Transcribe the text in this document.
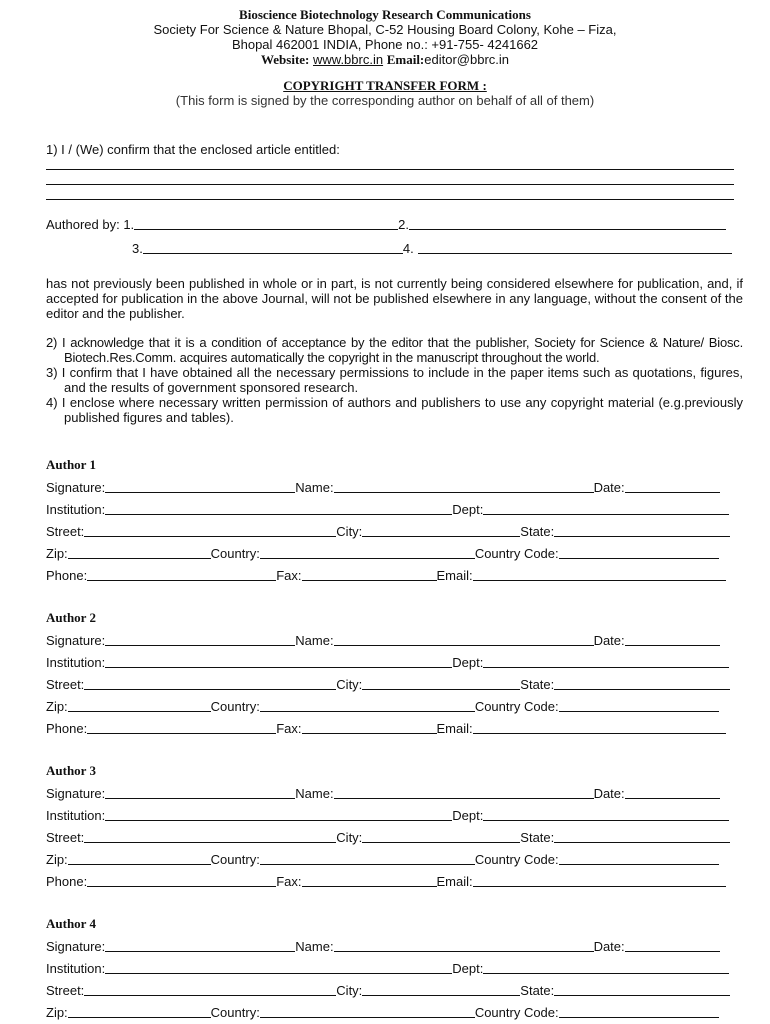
Bioscience Biotechnology Research Communications
Society For Science & Nature Bhopal, C-52 Housing Board Colony, Kohe – Fiza,
Bhopal 462001 INDIA, Phone no.: +91-755- 4241662
Website: www.bbrc.in Email:editor@bbrc.in
COPYRIGHT TRANSFER FORM :
(This form is signed by the corresponding author on behalf of all of them)
1) I / (We) confirm that the enclosed article entitled:
Authored by: 1.	2.
3.	4.
has not previously been published in whole or in part, is not currently being considered elsewhere for publication, and, if accepted for publication in the above Journal, will not be published elsewhere in any language, without the consent of the editor and the publisher.
2) I acknowledge that it is a condition of acceptance by the editor that the publisher, Society for Science & Nature/ Biosc. Biotech.Res.Comm. acquires automatically the copyright in the manuscript throughout the world.
3) I confirm that I have obtained all the necessary permissions to include in the paper items such as quotations, figures, and the results of government sponsored research.
4) I enclose where necessary written permission of authors and publishers to use any copyright material (e.g.previously published figures and tables).
Author 1
Signature:	Name:	Date:
Institution:	Dept:
Street:	City:	State:
Zip:	Country:	Country Code:
Phone:	Fax:	Email:
Author 2
Signature:	Name:	Date:
Institution:	Dept:
Street:	City:	State:
Zip:	Country:	Country Code:
Phone:	Fax:	Email:
Author 3
Signature:	Name:	Date:
Institution:	Dept:
Street:	City:	State:
Zip:	Country:	Country Code:
Phone:	Fax:	Email:
Author 4
Signature:	Name:	Date:
Institution:	Dept:
Street:	City:	State:
Zip:	Country:	Country Code:
